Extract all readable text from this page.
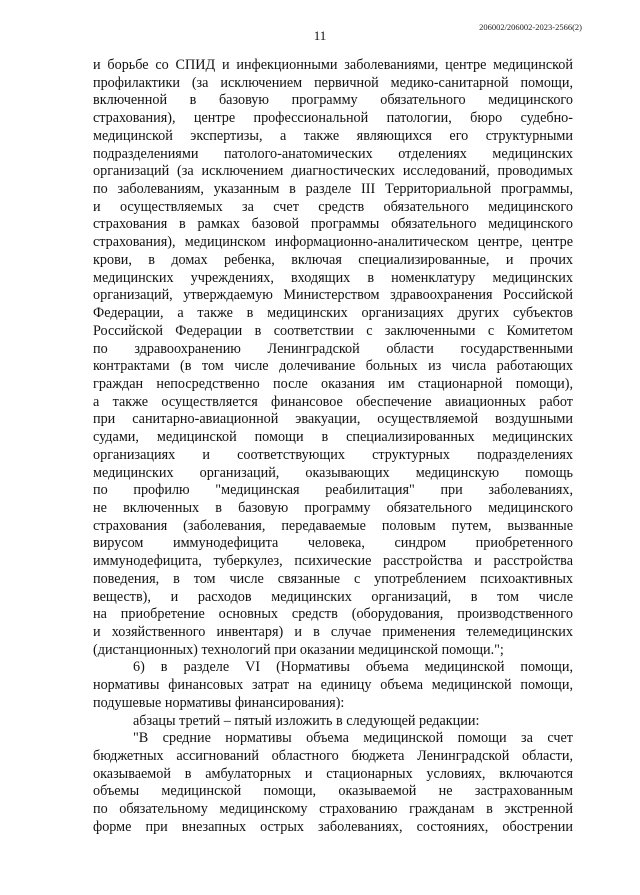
11
206002/206002-2023-2566(2)
и борьбе со СПИД и инфекционными заболеваниями, центре медицинской
профилактики (за исключением первичной медико-санитарной помощи,
включенной в базовую программу обязательного медицинского
страхования), центре профессиональной патологии, бюро судебно-
медицинской экспертизы, а также являющихся его структурными
подразделениями патолого-анатомических отделениях медицинских
организаций (за исключением диагностических исследований, проводимых
по заболеваниям, указанным в разделе III Территориальной программы,
и осуществляемых за счет средств обязательного медицинского
страхования в рамках базовой программы обязательного медицинского
страхования), медицинском информационно-аналитическом центре, центре
крови, в домах ребенка, включая специализированные, и прочих
медицинских учреждениях, входящих в номенклатуру медицинских
организаций, утверждаемую Министерством здравоохранения Российской
Федерации, а также в медицинских организациях других субъектов
Российской Федерации в соответствии с заключенными с Комитетом
по здравоохранению Ленинградской области государственными
контрактами (в том числе долечивание больных из числа работающих
граждан непосредственно после оказания им стационарной помощи),
а также осуществляется финансовое обеспечение авиационных работ
при санитарно-авиационной эвакуации, осуществляемой воздушными
судами, медицинской помощи в специализированных медицинских
организациях и соответствующих структурных подразделениях
медицинских организаций, оказывающих медицинскую помощь
по профилю "медицинская реабилитация" при заболеваниях,
не включенных в базовую программу обязательного медицинского
страхования (заболевания, передаваемые половым путем, вызванные
вирусом иммунодефицита человека, синдром приобретенного
иммунодефицита, туберкулез, психические расстройства и расстройства
поведения, в том числе связанные с употреблением психоактивных
веществ), и расходов медицинских организаций, в том числе
на приобретение основных средств (оборудования, производственного
и хозяйственного инвентаря) и в случае применения телемедицинских
(дистанционных) технологий при оказании медицинской помощи.";
6) в разделе VI (Нормативы объема медицинской помощи,
нормативы финансовых затрат на единицу объема медицинской помощи,
подушевые нормативы финансирования):
абзацы третий – пятый изложить в следующей редакции:
"В средние нормативы объема медицинской помощи за счет
бюджетных ассигнований областного бюджета Ленинградской области,
оказываемой в амбулаторных и стационарных условиях, включаются
объемы медицинской помощи, оказываемой не застрахованным
по обязательному медицинскому страхованию гражданам в экстренной
форме при внезапных острых заболеваниях, состояниях, обострении
